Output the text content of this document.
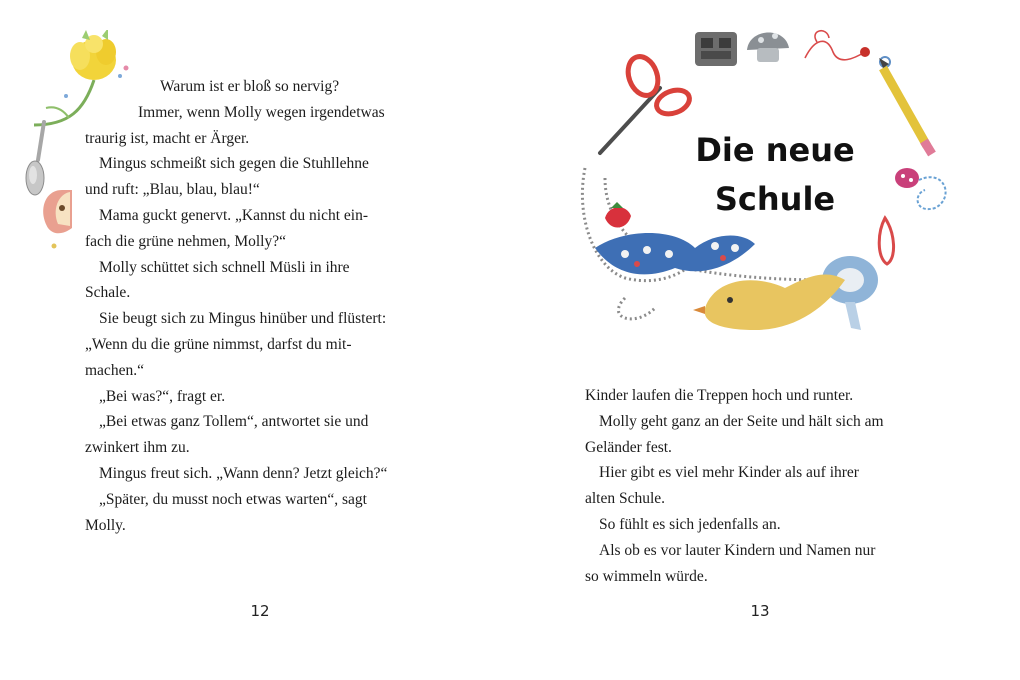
Warum ist er bloß so nervig?
Immer, wenn Molly wegen irgendetwas
traurig ist, macht er Ärger.
Mingus schmeißt sich gegen die Stuhllehne
und ruft: „Blau, blau, blau!“
Mama guckt genervt. „Kannst du nicht ein-
fach die grüne nehmen, Molly?“
Molly schüttet sich schnell Müsli in ihre
Schale.
Sie beugt sich zu Mingus hinüber und flüstert:
„Wenn du die grüne nimmst, darfst du mit-
machen.“
„Bei was?“, fragt er.
„Bei etwas ganz Tollem“, antwortet sie und
zwinkert ihm zu.
Mingus freut sich. „Wann denn? Jetzt gleich?“
„Später, du musst noch etwas warten“, sagt
Molly.
12
Die neue
Schule
Kinder laufen die Treppen hoch und runter.
Molly geht ganz an der Seite und hält sich am
Geländer fest.
Hier gibt es viel mehr Kinder als auf ihrer
alten Schule.
So fühlt es sich jedenfalls an.
Als ob es vor lauter Kindern und Namen nur
so wimmeln würde.
13
